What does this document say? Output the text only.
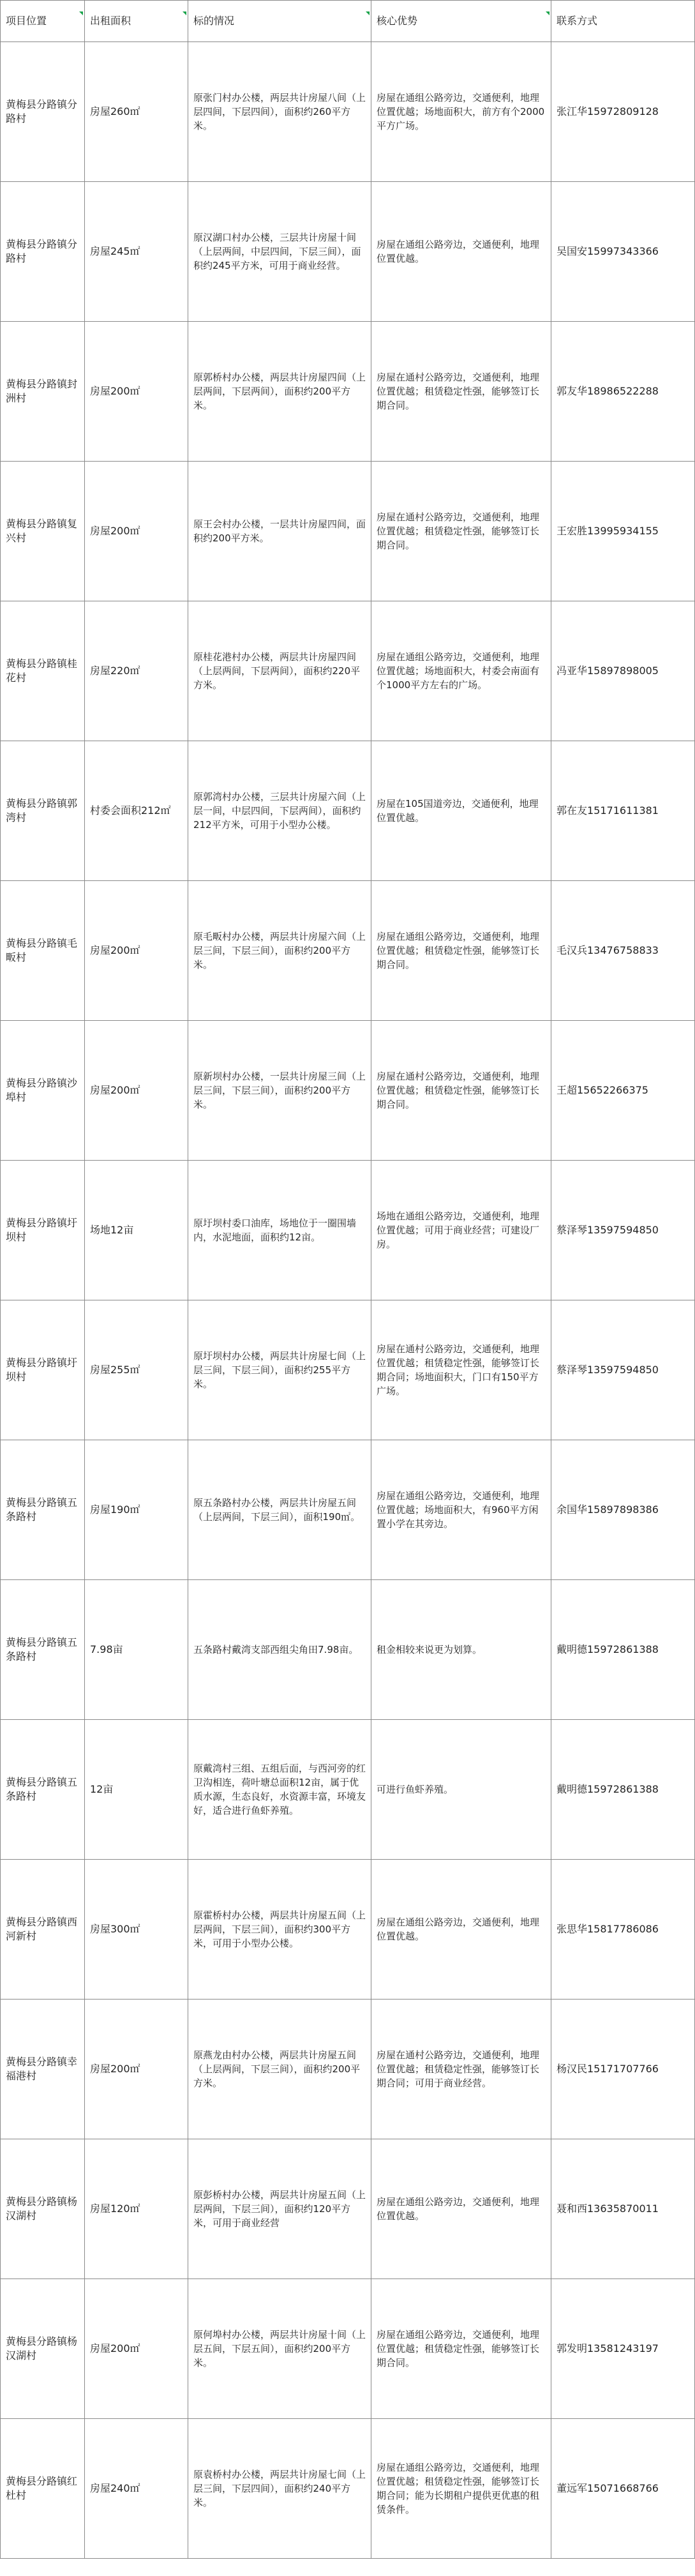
项目位置	出租面积	标的情况	核心优势	联系方式
黄梅县分路镇分路村	房屋260㎡	原张门村办公楼，两层共计房屋八间（上层四间，下层四间），面积约260平方米。	房屋在通组公路旁边，交通便利，地理位置优越；场地面积大，前方有个2000平方广场。	张江华15972809128
黄梅县分路镇分路村	房屋245㎡	原汉湖口村办公楼，三层共计房屋十间（上层两间，中层四间，下层三间），面积约245平方米，可用于商业经营。	房屋在通组公路旁边，交通便利，地理位置优越。	吴国安15997343366
黄梅县分路镇封洲村	房屋200㎡	原郭桥村办公楼，两层共计房屋四间（上层两间，下层两间），面积约200平方米。	房屋在通村公路旁边，交通便利，地理位置优越；租赁稳定性强，能够签订长期合同。	郭友华18986522288
黄梅县分路镇复兴村	房屋200㎡	原王会村办公楼，一层共计房屋四间，面积约200平方米。	房屋在通村公路旁边，交通便利，地理位置优越；租赁稳定性强，能够签订长期合同。	王宏胜13995934155
黄梅县分路镇桂花村	房屋220㎡	原桂花港村办公楼，两层共计房屋四间（上层两间，下层两间），面积约220平方米。	房屋在通组公路旁边，交通便利，地理位置优越；场地面积大，村委会南面有个1000平方左右的广场。	冯亚华15897898005
黄梅县分路镇郭湾村	村委会面积212㎡	原郭湾村办公楼，三层共计房屋六间（上层一间，中层四间，下层两间），面积约212平方米，可用于小型办公楼。	房屋在105国道旁边，交通便利，地理位置优越。	郭在友15171611381
黄梅县分路镇毛畈村	房屋200㎡	原毛畈村办公楼，两层共计房屋六间（上层三间，下层三间），面积约200平方米。	房屋在通组公路旁边，交通便利，地理位置优越；租赁稳定性强，能够签订长期合同。	毛汉兵13476758833
黄梅县分路镇沙埠村	房屋200㎡	原新坝村办公楼，一层共计房屋三间（上层三间，下层三间），面积约200平方米。	房屋在通村公路旁边，交通便利，地理位置优越；租赁稳定性强，能够签订长期合同。	王超15652266375
黄梅县分路镇圩坝村	场地12亩	原圩坝村委口油库，场地位于一圈围墙内，水泥地面，面积约12亩。	场地在通组公路旁边，交通便利，地理位置优越；可用于商业经营；可建设厂房。	蔡泽琴13597594850
黄梅县分路镇圩坝村	房屋255㎡	原圩坝村办公楼，两层共计房屋七间（上层三间，下层三间），面积约255平方米。	房屋在通村公路旁边，交通便利，地理位置优越；租赁稳定性强，能够签订长期合同；场地面积大，门口有150平方广场。	蔡泽琴13597594850
黄梅县分路镇五条路村	房屋190㎡	原五条路村办公楼，两层共计房屋五间（上层两间，下层三间），面积190㎡。	房屋在通组公路旁边，交通便利，地理位置优越；场地面积大，有960平方闲置小学在其旁边。	余国华15897898386
黄梅县分路镇五条路村	7.98亩	五条路村戴湾支部西组尖角田7.98亩。	租金相较来说更为划算。	戴明德15972861388
黄梅县分路镇五条路村	12亩	原戴湾村三组、五组后面，与西河旁的红卫沟相连，荷叶塘总面积12亩，属于优质水源，生态良好，水资源丰富，环境友好，适合进行鱼虾养殖。	可进行鱼虾养殖。	戴明德15972861388
黄梅县分路镇西河新村	房屋300㎡	原霍桥村办公楼，两层共计房屋五间（上层两间，下层三间），面积约300平方米，可用于小型办公楼。	房屋在通组公路旁边，交通便利，地理位置优越。	张思华15817786086
黄梅县分路镇幸福港村	房屋200㎡	原燕龙由村办公楼，两层共计房屋五间（上层两间，下层三间），面积约200平方米。	房屋在通村公路旁边，交通便利，地理位置优越；租赁稳定性强，能够签订长期合同；可用于商业经营。	杨汉民15171707766
黄梅县分路镇杨汉湖村	房屋120㎡	原彭桥村办公楼，两层共计房屋五间（上层两间，下层三间），面积约120平方米，可用于商业经营	房屋在通组公路旁边，交通便利，地理位置优越。	聂和西13635870011
黄梅县分路镇杨汉湖村	房屋200㎡	原何埠村办公楼，两层共计房屋十间（上层五间，下层五间），面积约200平方米。	房屋在通组公路旁边，交通便利，地理位置优越；租赁稳定性强，能够签订长期合同。	郭发明13581243197
黄梅县分路镇红杜村	房屋240㎡	原袁桥村办公楼，两层共计房屋七间（上层三间，下层四间），面积约240平方米。	房屋在通组公路旁边，交通便利，地理位置优越；租赁稳定性强，能够签订长期合同；能为长期租户提供更优惠的租赁条件。	董远军15071668766
